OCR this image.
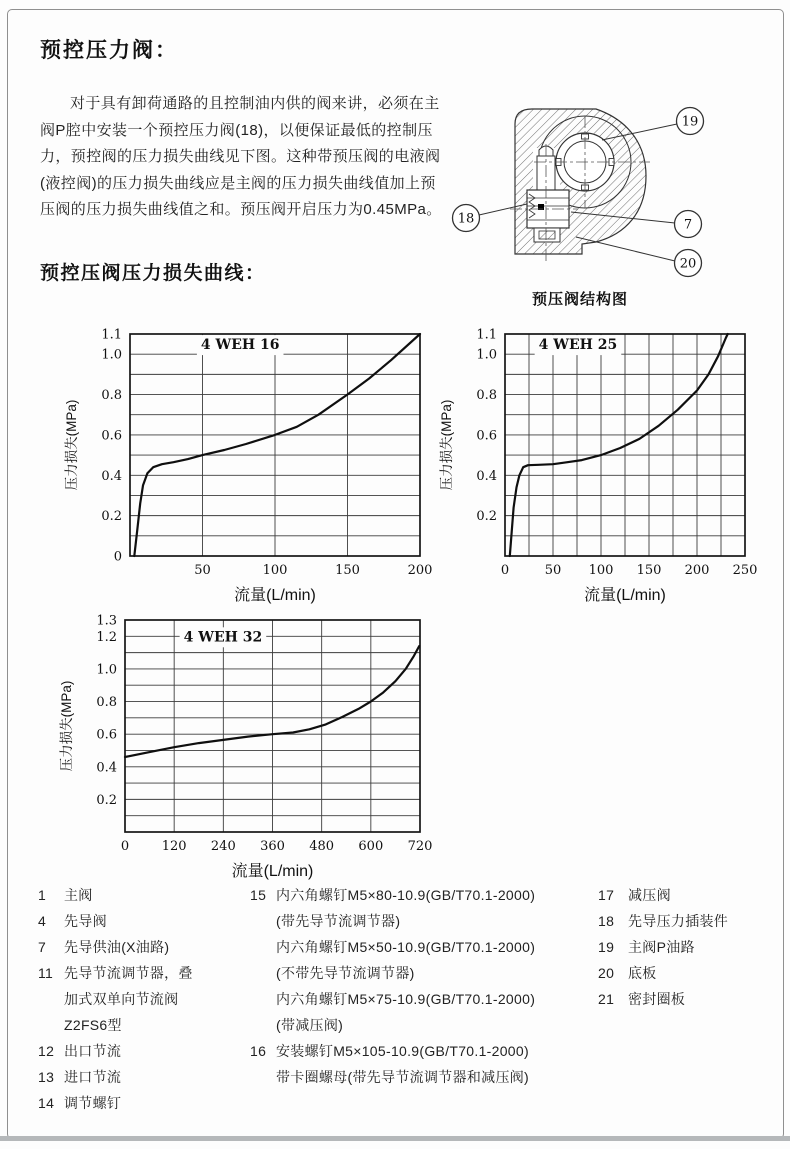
预控压力阀：
对于具有卸荷通路的且控制油内供的阀来讲，必须在主
阀P腔中安装一个预控压力阀(18)，以便保证最低的控制压
力，预控阀的压力损失曲线见下图。这种带预压阀的电液阀
(液控阀)的压力损失曲线应是主阀的压力损失曲线值加上预
压阀的压力损失曲线值之和。预压阀开启压力为0.45MPa。
19
18	7
20
预压阀结构图
预控压阀压力损失曲线：
50	100	150	200
0
0.2
0.4
0.6
0.8
1.0
1.1
4 WEH 16
流量(L/min)
压力损失(MPa)
0	50 100 150 200 250
0.2
0.4
0.6
0.8
1.0
1.1
4 WEH 25
流量(L/min)
压力损失(MPa)
0	120 240 360 480 600 720
0.2
0.4
0.6
0.8
1.0
1.2
1.3
4 WEH 32
流量(L/min)
压力损失(MPa)
1	主阀
4	先导阀
7	先导供油(X油路)
11 先导节流调节器，叠
加式双单向节流阀
Z2FS6型
12 出口节流
13 进口节流
14 调节螺钉
15 内六角螺钉M5×80-10.9(GB/T70.1-2000)
(带先导节流调节器)
内六角螺钉M5×50-10.9(GB/T70.1-2000)
(不带先导节流调节器)
内六角螺钉M5×75-10.9(GB/T70.1-2000)
(带减压阀)
16 安装螺钉M5×105-10.9(GB/T70.1-2000)
带卡圈螺母(带先导节流调节器和减压阀)
17 减压阀
18 先导压力插装件
19 主阀P油路
20 底板
21 密封圈板
